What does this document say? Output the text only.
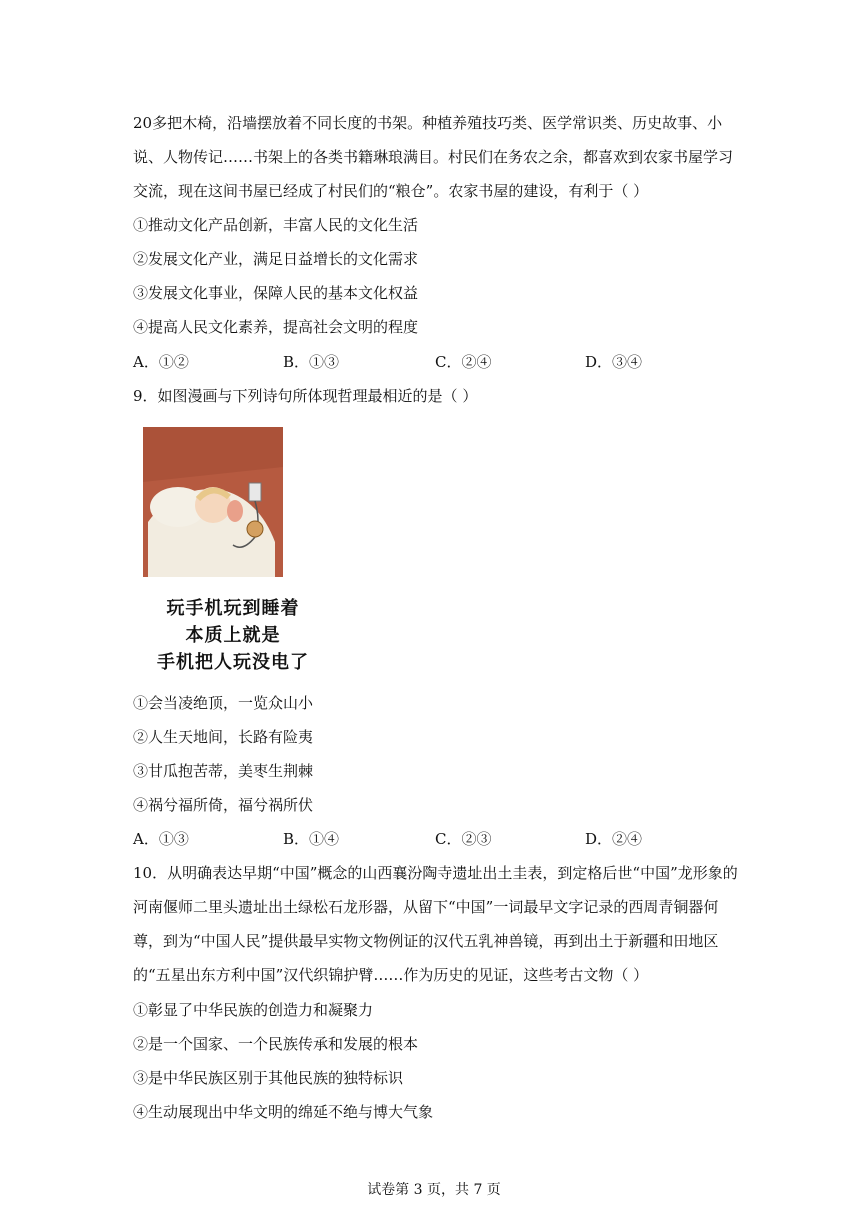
20多把木椅，沿墙摆放着不同长度的书架。种植养殖技巧类、医学常识类、历史故事、小说、人物传记……书架上的各类书籍琳琅满目。村民们在务农之余，都喜欢到农家书屋学习交流，现在这间书屋已经成了村民们的“粮仓”。农家书屋的建设，有利于（ ）
①推动文化产品创新，丰富人民的文化生活
②发展文化产业，满足日益增长的文化需求
③发展文化事业，保障人民的基本文化权益
④提高人民文化素养，提高社会文明的程度
A．①②	B．①③	C．②④	D．③④
9．如图漫画与下列诗句所体现哲理最相近的是（ ）
玩手机玩到睡着
本质上就是
手机把人玩没电了
①会当凌绝顶，一览众山小
②人生天地间，长路有险夷
③甘瓜抱苦蒂，美枣生荆棘
④祸兮福所倚，福兮祸所伏
A．①③	B．①④	C．②③	D．②④
10．从明确表达早期“中国”概念的山西襄汾陶寺遗址出土圭表，到定格后世“中国”龙形象的河南偃师二里头遗址出土绿松石龙形器，从留下“中国”一词最早文字记录的西周青铜器何尊，到为“中国人民”提供最早实物文物例证的汉代五乳神兽镜，再到出土于新疆和田地区的“五星出东方利中国”汉代织锦护臂……作为历史的见证，这些考古文物（ ）
①彰显了中华民族的创造力和凝聚力
②是一个国家、一个民族传承和发展的根本
③是中华民族区别于其他民族的独特标识
④生动展现出中华文明的绵延不绝与博大气象
试卷第 3 页，共 7 页
